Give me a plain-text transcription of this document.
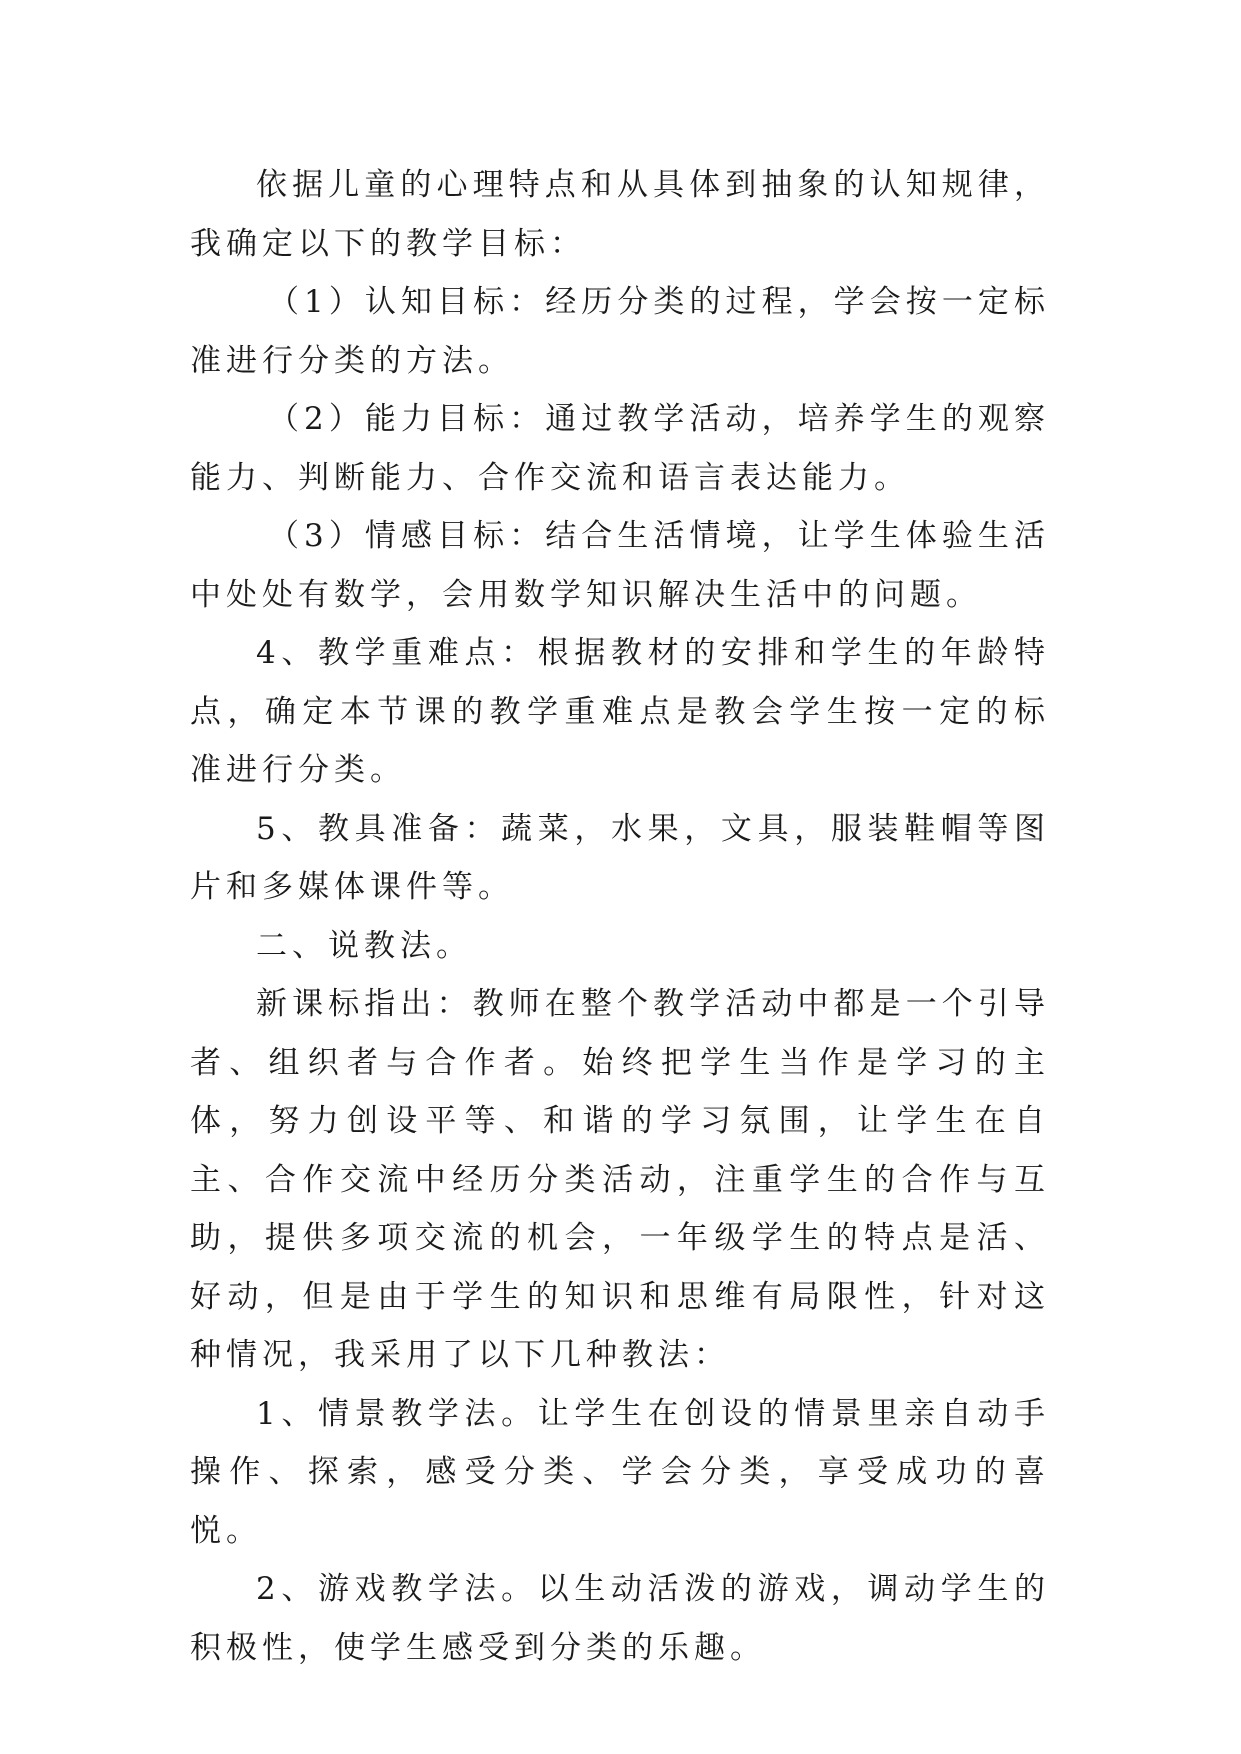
依据儿童的心理特点和从具体到抽象的认知规律，我确定以下的教学目标：

（1）认知目标：经历分类的过程，学会按一定标准进行分类的方法。

（2）能力目标：通过教学活动，培养学生的观察能力、判断能力、合作交流和语言表达能力。

（3）情感目标：结合生活情境，让学生体验生活中处处有数学，会用数学知识解决生活中的问题。

4、教学重难点：根据教材的安排和学生的年龄特点，确定本节课的教学重难点是教会学生按一定的标准进行分类。

5、教具准备：蔬菜，水果，文具，服装鞋帽等图片和多媒体课件等。

二、说教法。

新课标指出：教师在整个教学活动中都是一个引导者、组织者与合作者。始终把学生当作是学习的主体，努力创设平等、和谐的学习氛围，让学生在自主、合作交流中经历分类活动，注重学生的合作与互助，提供多项交流的机会，一年级学生的特点是活、好动，但是由于学生的知识和思维有局限性，针对这种情况，我采用了以下几种教法：

1、情景教学法。让学生在创设的情景里亲自动手操作、探索，感受分类、学会分类，享受成功的喜悦。

2、游戏教学法。以生动活泼的游戏，调动学生的积极性，使学生感受到分类的乐趣。
